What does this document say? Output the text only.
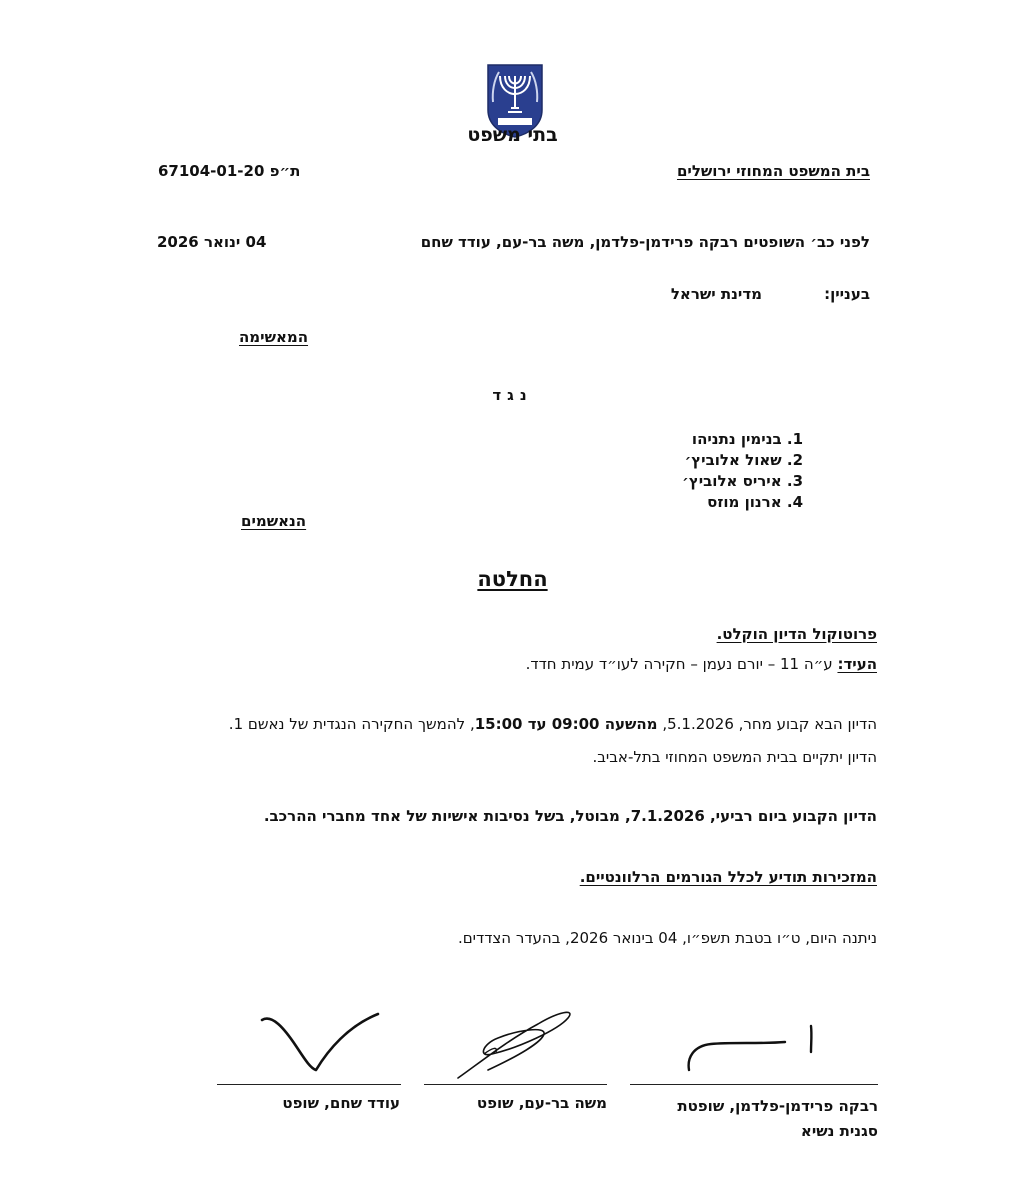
בתי משפט
בית המשפט המחוזי ירושלים
ת״פ 67104-01-20
לפני כב׳ השופטים רבקה פרידמן-פלדמן, משה בר-עם, עודד שחם
04 ינואר 2026
בעניין:
מדינת ישראל
המאשימה
נגד
1. בנימין נתניהו
2. שאול אלוביץ׳
3. איריס אלוביץ׳
4. ארנון מוזס
הנאשמים
החלטה
פרוטוקול הדיון הוקלט.
העיד: ע״ה 11 – יורם נעמן – חקירה לעו״ד עמית חדד.
הדיון הבא קבוע מחר, 5.1.2026, מהשעה 09:00 עד 15:00, להמשך החקירה הנגדית של נאשם 1.
הדיון יתקיים בבית המשפט המחוזי בתל-אביב.
הדיון הקבוע ביום רביעי, 7.1.2026, מבוטל, בשל נסיבות אישיות של אחד מחברי ההרכב.
המזכירות תודיע לכלל הגורמים הרלוונטיים.
ניתנה היום, ט״ו בטבת תשפ״ו, 04 בינואר 2026, בהעדר הצדדים.
רבקה פרידמן-פלדמן, שופטת
סגנית נשיא
משה בר-עם, שופט
עודד שחם, שופט
